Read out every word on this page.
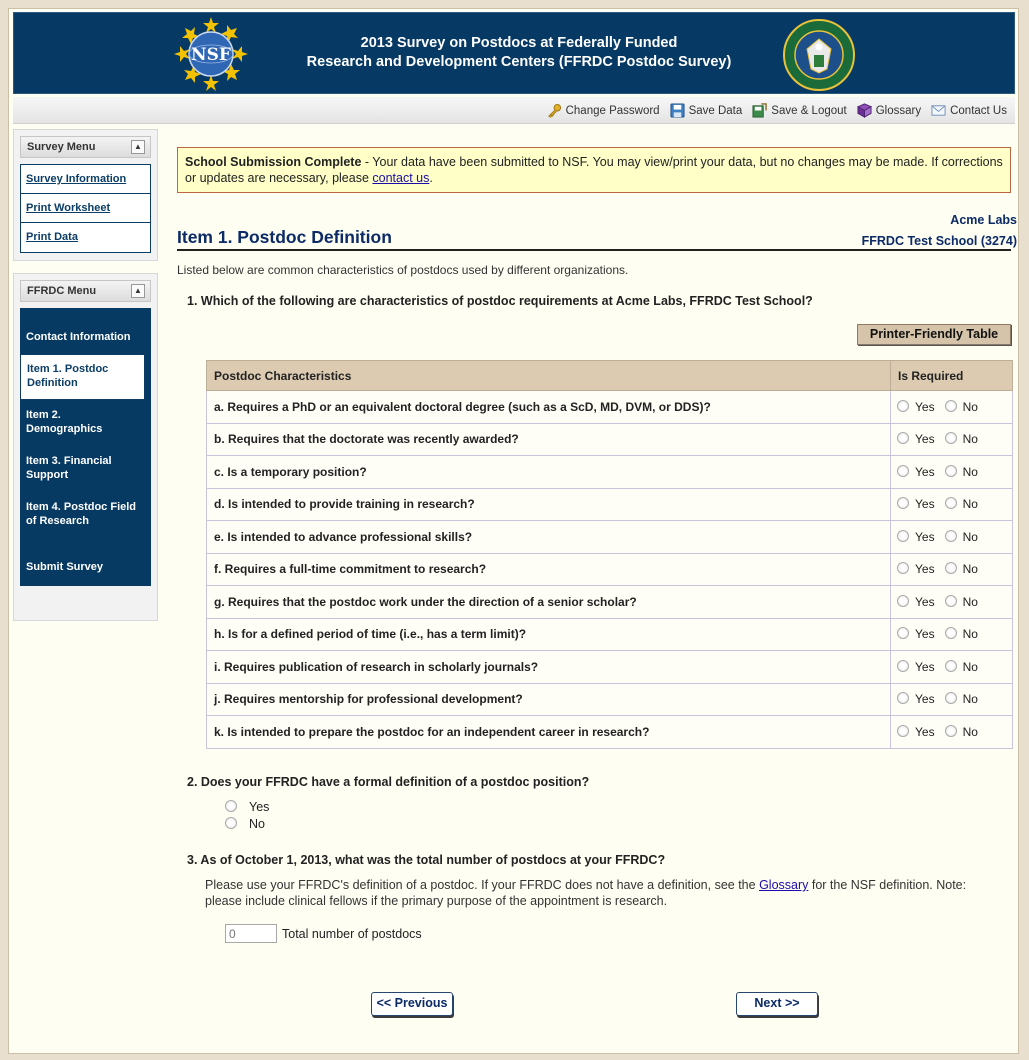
NSF
2013 Survey on Postdocs at Federally Funded
Research and Development Centers (FFRDC Postdoc Survey)
Change Password	Save Data	Save & Logout	Glossary	Contact Us
Survey Menu	▲
Survey Information
Print Worksheet
Print Data
FFRDC Menu	▲
Contact Information
Item 1. Postdoc Definition
Item 2. Demographics
Item 3. Financial Support
Item 4. Postdoc Field of Research
Submit Survey
School Submission Complete - Your data have been submitted to NSF. You may view/print your data, but no changes may be made. If corrections or updates are necessary, please contact us.
Acme Labs
FFRDC Test School (3274)
Item 1. Postdoc Definition
Listed below are common characteristics of postdocs used by different organizations.
1. Which of the following are characteristics of postdoc requirements at Acme Labs, FFRDC Test School?
Printer-Friendly Table
Postdoc Characteristics	Is Required
a. Requires a PhD or an equivalent doctoral degree (such as a ScD, MD, DVM, or DDS)?	Yes No
b. Requires that the doctorate was recently awarded?	Yes No
c. Is a temporary position?	Yes No
d. Is intended to provide training in research?	Yes No
e. Is intended to advance professional skills?	Yes No
f. Requires a full-time commitment to research?	Yes No
g. Requires that the postdoc work under the direction of a senior scholar?	Yes No
h. Is for a defined period of time (i.e., has a term limit)?	Yes No
i. Requires publication of research in scholarly journals?	Yes No
j. Requires mentorship for professional development?	Yes No
k. Is intended to prepare the postdoc for an independent career in research?	Yes No
2. Does your FFRDC have a formal definition of a postdoc position?
Yes
No
3. As of October 1, 2013, what was the total number of postdocs at your FFRDC?
Please use your FFRDC's definition of a postdoc. If your FFRDC does not have a definition, see the Glossary for the NSF definition. Note: please include clinical fellows if the primary purpose of the appointment is research.
0
Total number of postdocs
<< Previous	Next >>
